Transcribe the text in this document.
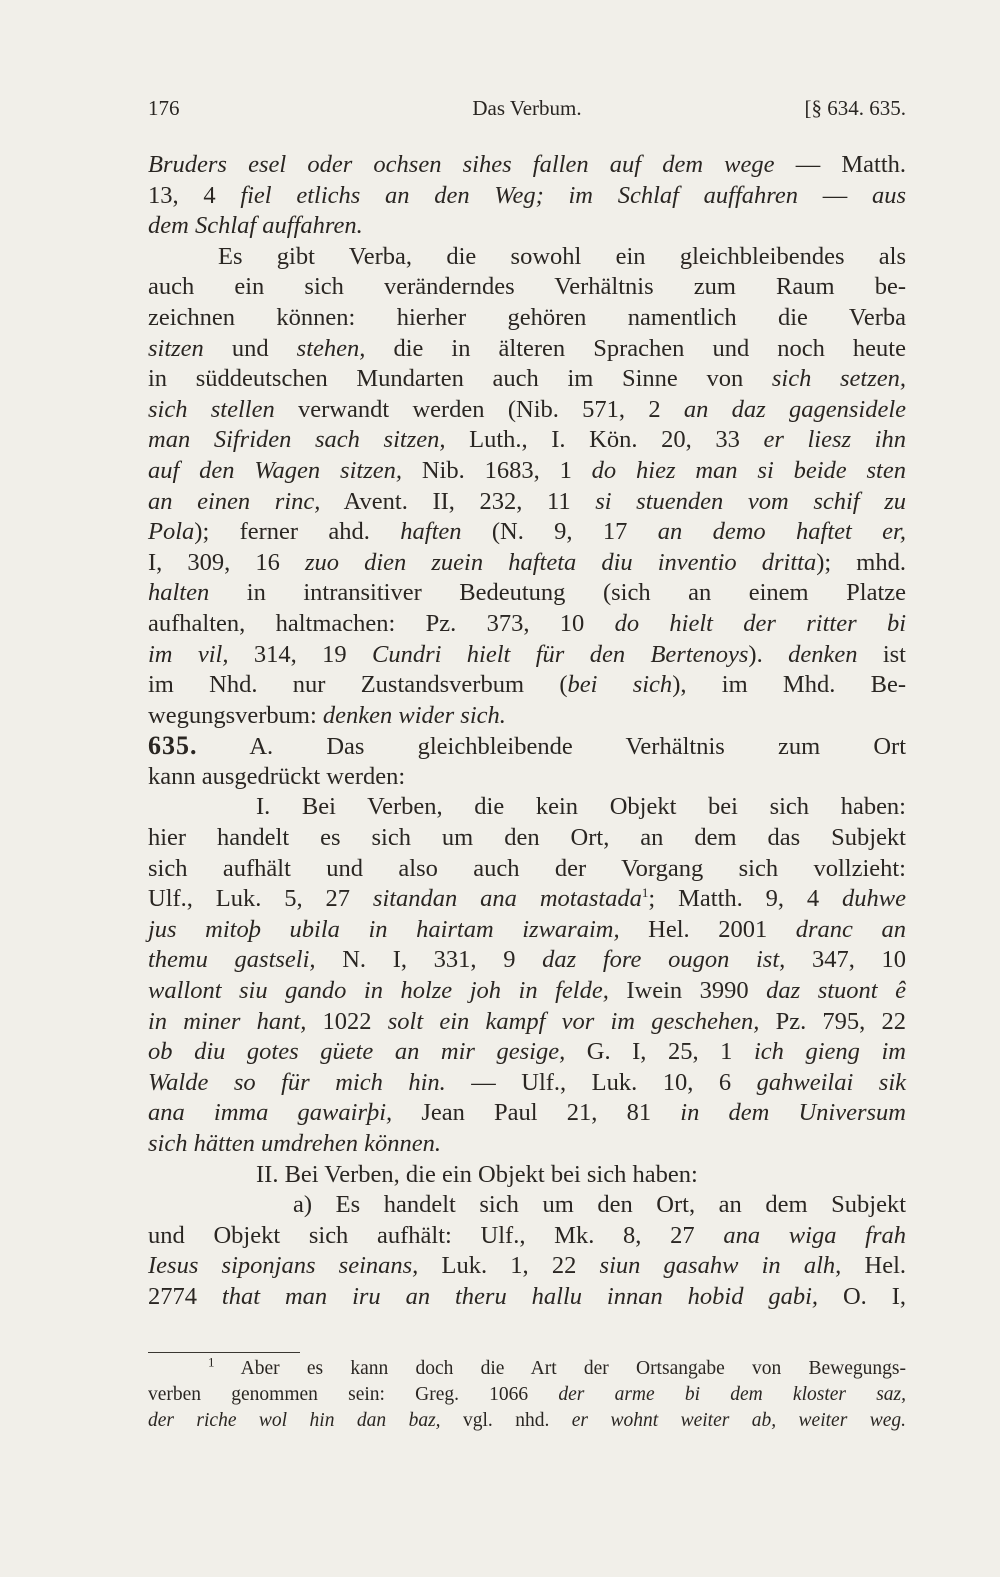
176	Das Verbum.	[§ 634. 635.
Bruders esel oder ochsen sihes fallen auf dem wege — Matth.
13, 4 fiel etlichs an den Weg; im Schlaf auffahren — aus
dem Schlaf auffahren.
Es gibt Verba, die sowohl ein gleichbleibendes als
auch ein sich veränderndes Verhältnis zum Raum be-
zeichnen können: hierher gehören namentlich die Verba
sitzen und stehen, die in älteren Sprachen und noch heute
in süddeutschen Mundarten auch im Sinne von sich setzen,
sich stellen verwandt werden (Nib. 571, 2 an daz gagensidele
man Sifriden sach sitzen, Luth., I. Kön. 20, 33 er liesz ihn
auf den Wagen sitzen, Nib. 1683, 1 do hiez man si beide sten
an einen rinc, Avent. II, 232, 11 si stuenden vom schif zu
Pola); ferner ahd. haften (N. 9, 17 an demo haftet er,
I, 309, 16 zuo dien zuein hafteta diu inventio dritta); mhd.
halten in intransitiver Bedeutung (sich an einem Platze
aufhalten, haltmachen: Pz. 373, 10 do hielt der ritter bi
im vil, 314, 19 Cundri hielt für den Bertenoys). denken ist
im Nhd. nur Zustandsverbum (bei sich), im Mhd. Be-
wegungsverbum: denken wider sich.
635. A. Das gleichbleibende Verhältnis zum Ort
kann ausgedrückt werden:
I. Bei Verben, die kein Objekt bei sich haben:
hier handelt es sich um den Ort, an dem das Subjekt
sich aufhält und also auch der Vorgang sich vollzieht:
Ulf., Luk. 5, 27 sitandan ana motastada$^1$; Matth. 9, 4 duhwe
jus mitoþ ubila in hairtam izwaraim, Hel. 2001 dranc an
themu gastseli, N. I, 331, 9 daz fore ougon ist, 347, 10
wallont siu gando in holze joh in felde, Iwein 3990 daz stuont ê
in miner hant, 1022 solt ein kampf vor im geschehen, Pz. 795, 22
ob diu gotes güete an mir gesige, G. I, 25, 1 ich gieng im
Walde so für mich hin. — Ulf., Luk. 10, 6 gahweilai sik
ana imma gawairþi, Jean Paul 21, 81 in dem Universum
sich hätten umdrehen können.
II. Bei Verben, die ein Objekt bei sich haben:
a) Es handelt sich um den Ort, an dem Subjekt
und Objekt sich aufhält: Ulf., Mk. 8, 27 ana wiga frah
Iesus siponjans seinans, Luk. 1, 22 siun gasahw in alh, Hel.
2774 that man iru an theru hallu innan hobid gabi, O. I,
$^1$ Aber es kann doch die Art der Ortsangabe von Bewegungs-
verben genommen sein: Greg. 1066 der arme bi dem kloster saz,
der riche wol hin dan baz, vgl. nhd. er wohnt weiter ab, weiter weg.
